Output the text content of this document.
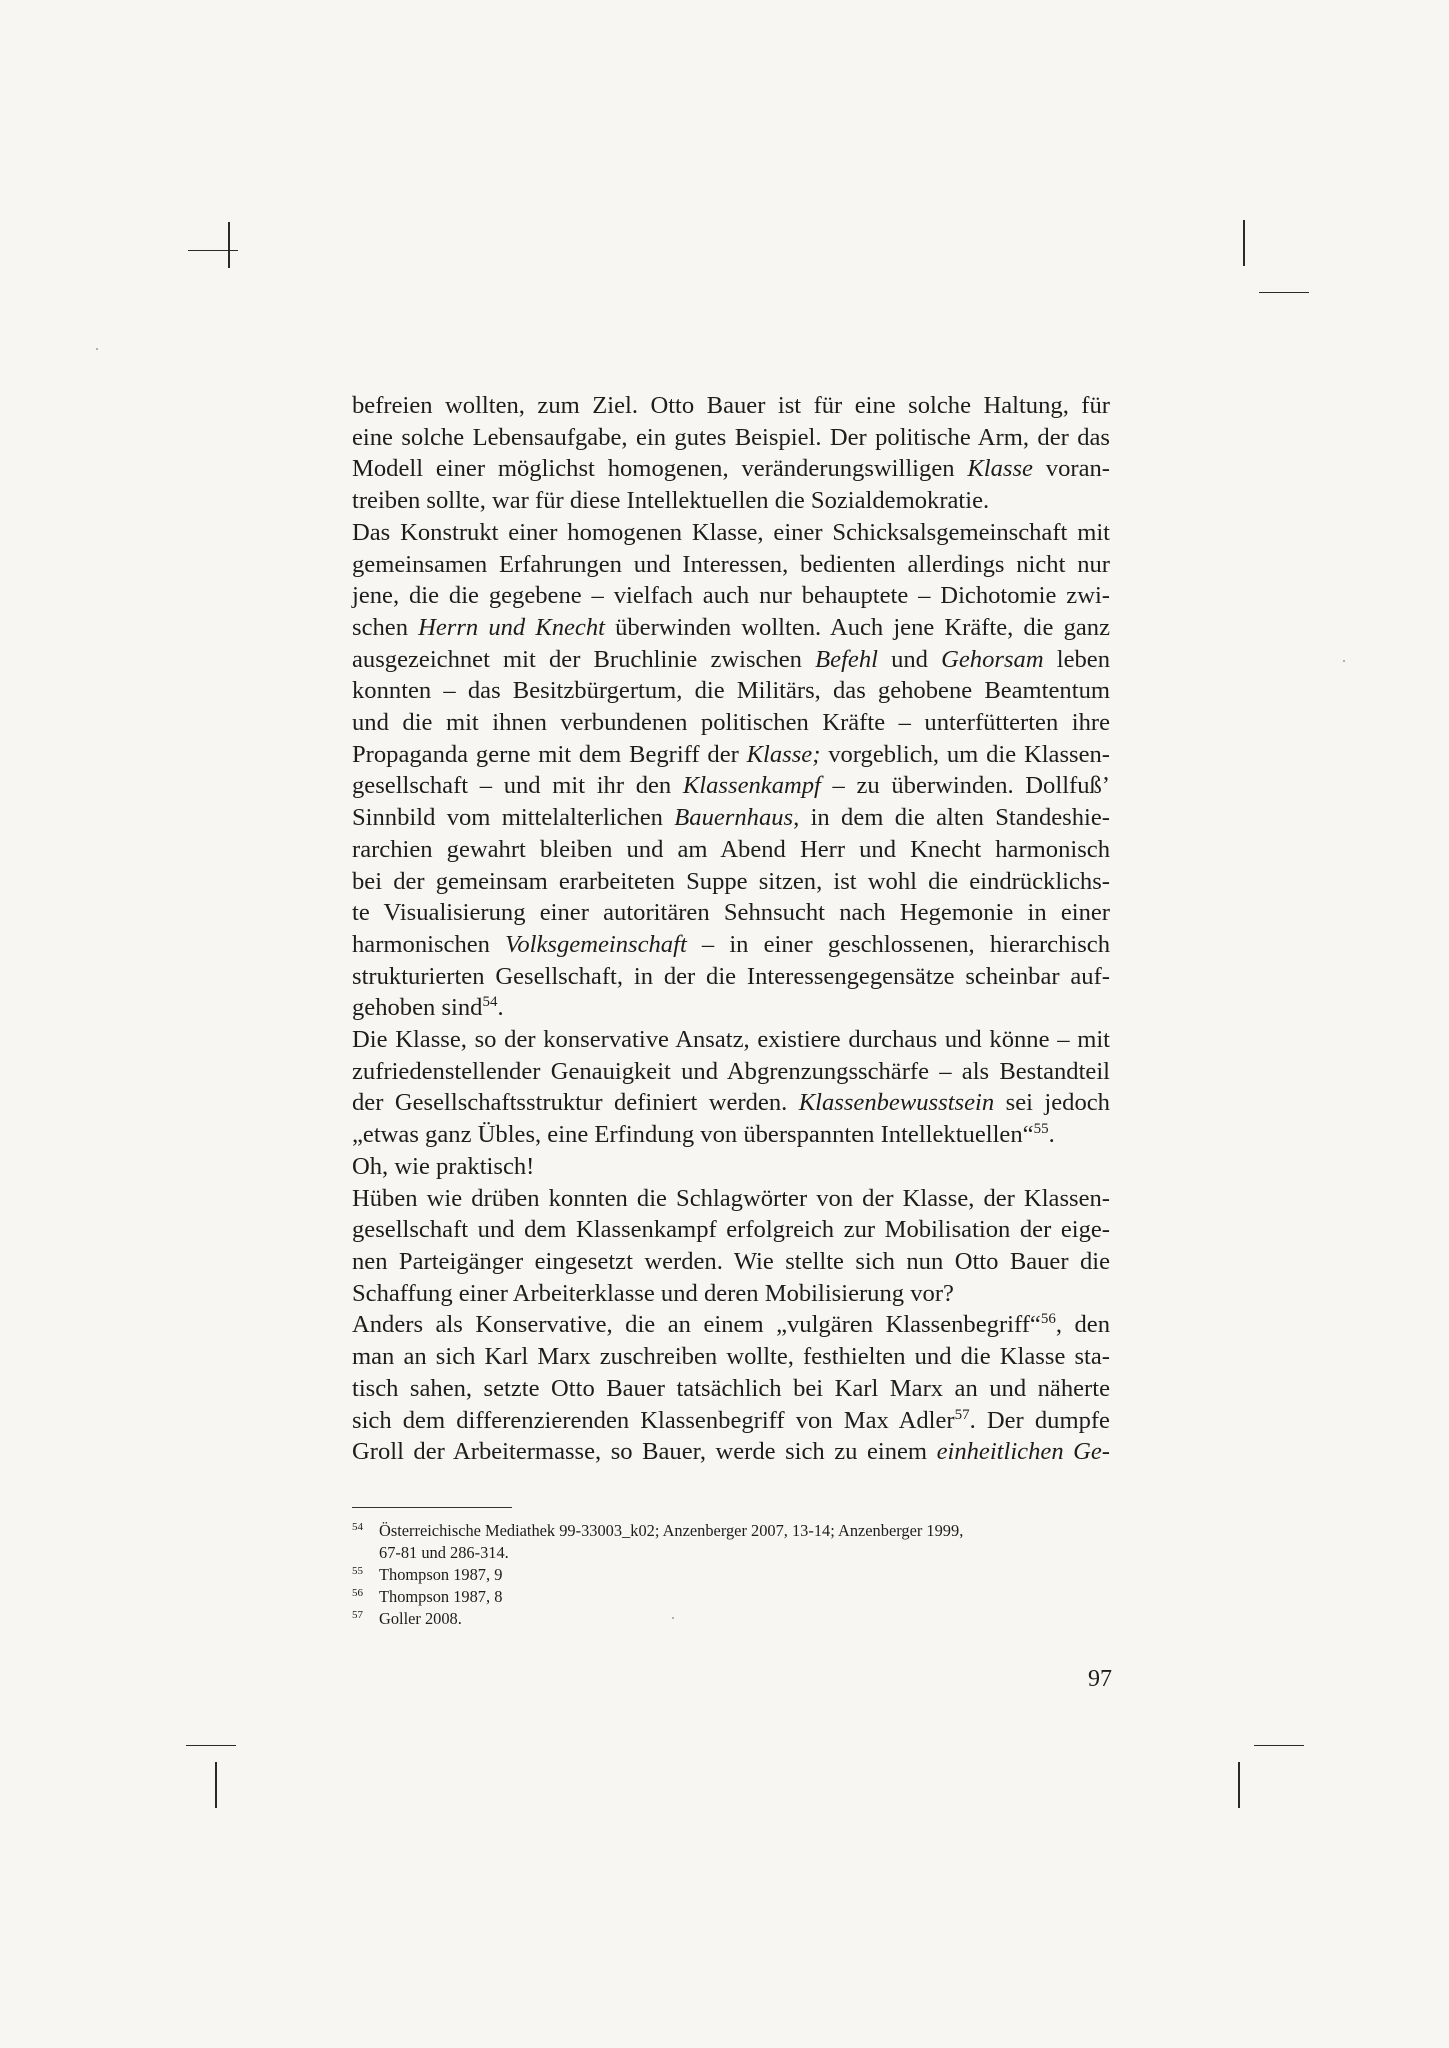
befreien wollten, zum Ziel. Otto Bauer ist für eine solche Haltung, für
eine solche Lebensaufgabe, ein gutes Beispiel. Der politische Arm, der das
Modell einer möglichst homogenen, veränderungswilligen Klasse voran-
treiben sollte, war für diese Intellektuellen die Sozialdemokratie.

Das Konstrukt einer homogenen Klasse, einer Schicksalsgemeinschaft mit
gemeinsamen Erfahrungen und Interessen, bedienten allerdings nicht nur
jene, die die gegebene – vielfach auch nur behauptete – Dichotomie zwi-
schen Herrn und Knecht überwinden wollten. Auch jene Kräfte, die ganz
ausgezeichnet mit der Bruchlinie zwischen Befehl und Gehorsam leben
konnten – das Besitzbürgertum, die Militärs, das gehobene Beamtentum
und die mit ihnen verbundenen politischen Kräfte – unterfütterten ihre
Propaganda gerne mit dem Begriff der Klasse; vorgeblich, um die Klassen-
gesellschaft – und mit ihr den Klassenkampf – zu überwinden. Dollfuß’
Sinnbild vom mittelalterlichen Bauernhaus, in dem die alten Standeshie-
rarchien gewahrt bleiben und am Abend Herr und Knecht harmonisch
bei der gemeinsam erarbeiteten Suppe sitzen, ist wohl die eindrücklichs-
te Visualisierung einer autoritären Sehnsucht nach Hegemonie in einer
harmonischen Volksgemeinschaft – in einer geschlossenen, hierarchisch
strukturierten Gesellschaft, in der die Interessengegensätze scheinbar auf-
gehoben sind$^{54}$.

Die Klasse, so der konservative Ansatz, existiere durchaus und könne – mit
zufriedenstellender Genauigkeit und Abgrenzungsschärfe – als Bestandteil
der Gesellschaftsstruktur definiert werden. Klassenbewusstsein sei jedoch
„etwas ganz Übles, eine Erfindung von überspannten Intellektuellen“$^{55}$.
Oh, wie praktisch!

Hüben wie drüben konnten die Schlagwörter von der Klasse, der Klassen-
gesellschaft und dem Klassenkampf erfolgreich zur Mobilisation der eige-
nen Parteigänger eingesetzt werden. Wie stellte sich nun Otto Bauer die
Schaffung einer Arbeiterklasse und deren Mobilisierung vor?

Anders als Konservative, die an einem „vulgären Klassenbegriff“$^{56}$, den
man an sich Karl Marx zuschreiben wollte, festhielten und die Klasse sta-
tisch sahen, setzte Otto Bauer tatsächlich bei Karl Marx an und näherte
sich dem differenzierenden Klassenbegriff von Max Adler$^{57}$. Der dumpfe
Groll der Arbeitermasse, so Bauer, werde sich zu einem einheitlichen Ge-

54 Österreichische Mediathek 99-33003_k02; Anzenberger 2007, 13-14; Anzenberger 1999,
67-81 und 286-314.
55 Thompson 1987, 9
56 Thompson 1987, 8
57 Goller 2008.
97
